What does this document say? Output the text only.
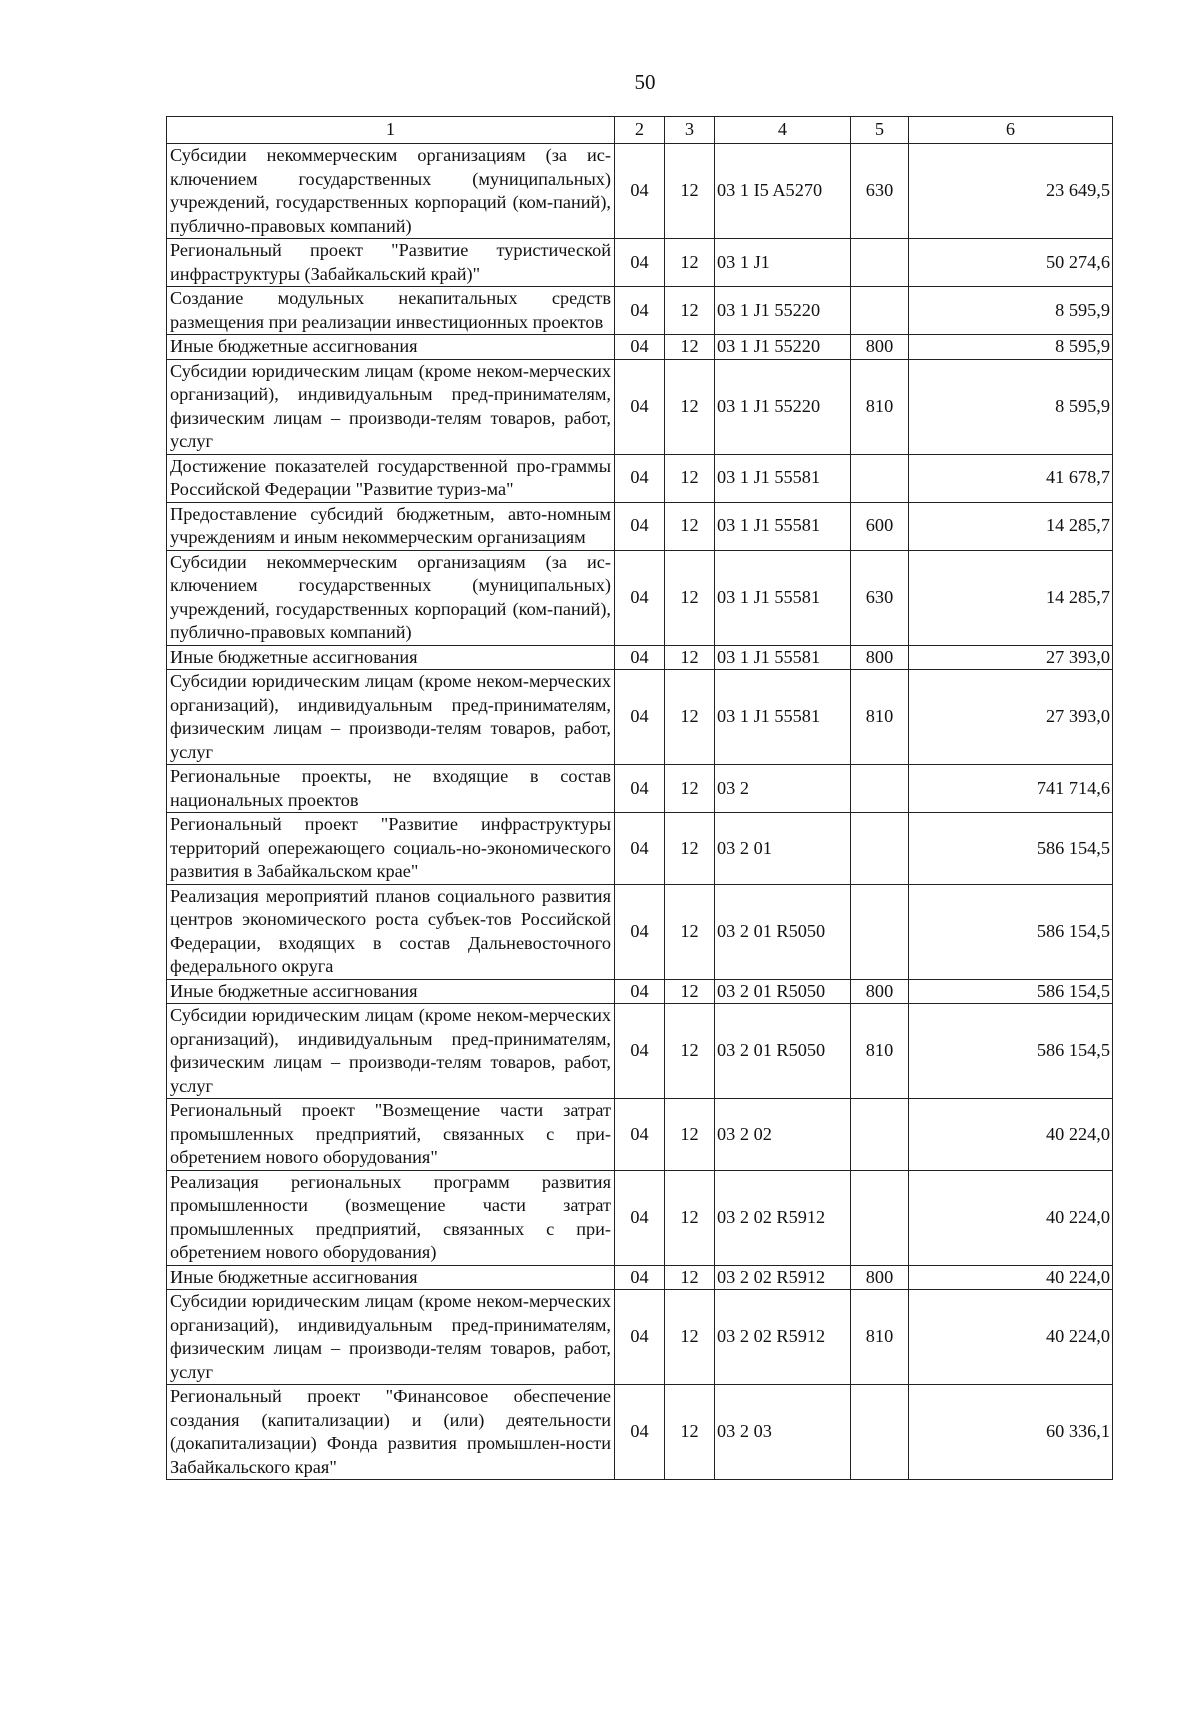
50
1	2	3	4	5	6
Субсидии некоммерческим организациям (за ис-ключением государственных (муниципальных) учреждений, государственных корпораций (ком-паний), публично-правовых компаний)	04	12	03 1 I5 A5270	630	23 649,5
Региональный проект "Развитие туристической инфраструктуры (Забайкальский край)"	04	12	03 1 J1		50 274,6
Создание модульных некапитальных средств размещения при реализации инвестиционных проектов	04	12	03 1 J1 55220		8 595,9
Иные бюджетные ассигнования	04	12	03 1 J1 55220	800	8 595,9
Субсидии юридическим лицам (кроме неком-мерческих организаций), индивидуальным пред-принимателям, физическим лицам – производи-телям товаров, работ, услуг	04	12	03 1 J1 55220	810	8 595,9
Достижение показателей государственной про-граммы Российской Федерации "Развитие туриз-ма"	04	12	03 1 J1 55581		41 678,7
Предоставление субсидий бюджетным, авто-номным учреждениям и иным некоммерческим организациям	04	12	03 1 J1 55581	600	14 285,7
Субсидии некоммерческим организациям (за ис-ключением государственных (муниципальных) учреждений, государственных корпораций (ком-паний), публично-правовых компаний)	04	12	03 1 J1 55581	630	14 285,7
Иные бюджетные ассигнования	04	12	03 1 J1 55581	800	27 393,0
Субсидии юридическим лицам (кроме неком-мерческих организаций), индивидуальным пред-принимателям, физическим лицам – производи-телям товаров, работ, услуг	04	12	03 1 J1 55581	810	27 393,0
Региональные проекты, не входящие в состав национальных проектов	04	12	03 2		741 714,6
Региональный проект "Развитие инфраструктуры территорий опережающего социаль-но-экономического развития в Забайкальском крае"	04	12	03 2 01		586 154,5
Реализация мероприятий планов социального развития центров экономического роста субъек-тов Российской Федерации, входящих в состав Дальневосточного федерального округа	04	12	03 2 01 R5050		586 154,5
Иные бюджетные ассигнования	04	12	03 2 01 R5050	800	586 154,5
Субсидии юридическим лицам (кроме неком-мерческих организаций), индивидуальным пред-принимателям, физическим лицам – производи-телям товаров, работ, услуг	04	12	03 2 01 R5050	810	586 154,5
Региональный проект "Возмещение части затрат промышленных предприятий, связанных с при-обретением нового оборудования"	04	12	03 2 02		40 224,0
Реализация региональных программ развития промышленности (возмещение части затрат промышленных предприятий, связанных с при-обретением нового оборудования)	04	12	03 2 02 R5912		40 224,0
Иные бюджетные ассигнования	04	12	03 2 02 R5912	800	40 224,0
Субсидии юридическим лицам (кроме неком-мерческих организаций), индивидуальным пред-принимателям, физическим лицам – производи-телям товаров, работ, услуг	04	12	03 2 02 R5912	810	40 224,0
Региональный проект "Финансовое обеспечение создания (капитализации) и (или) деятельности (докапитализации) Фонда развития промышлен-ности Забайкальского края"	04	12	03 2 03		60 336,1
